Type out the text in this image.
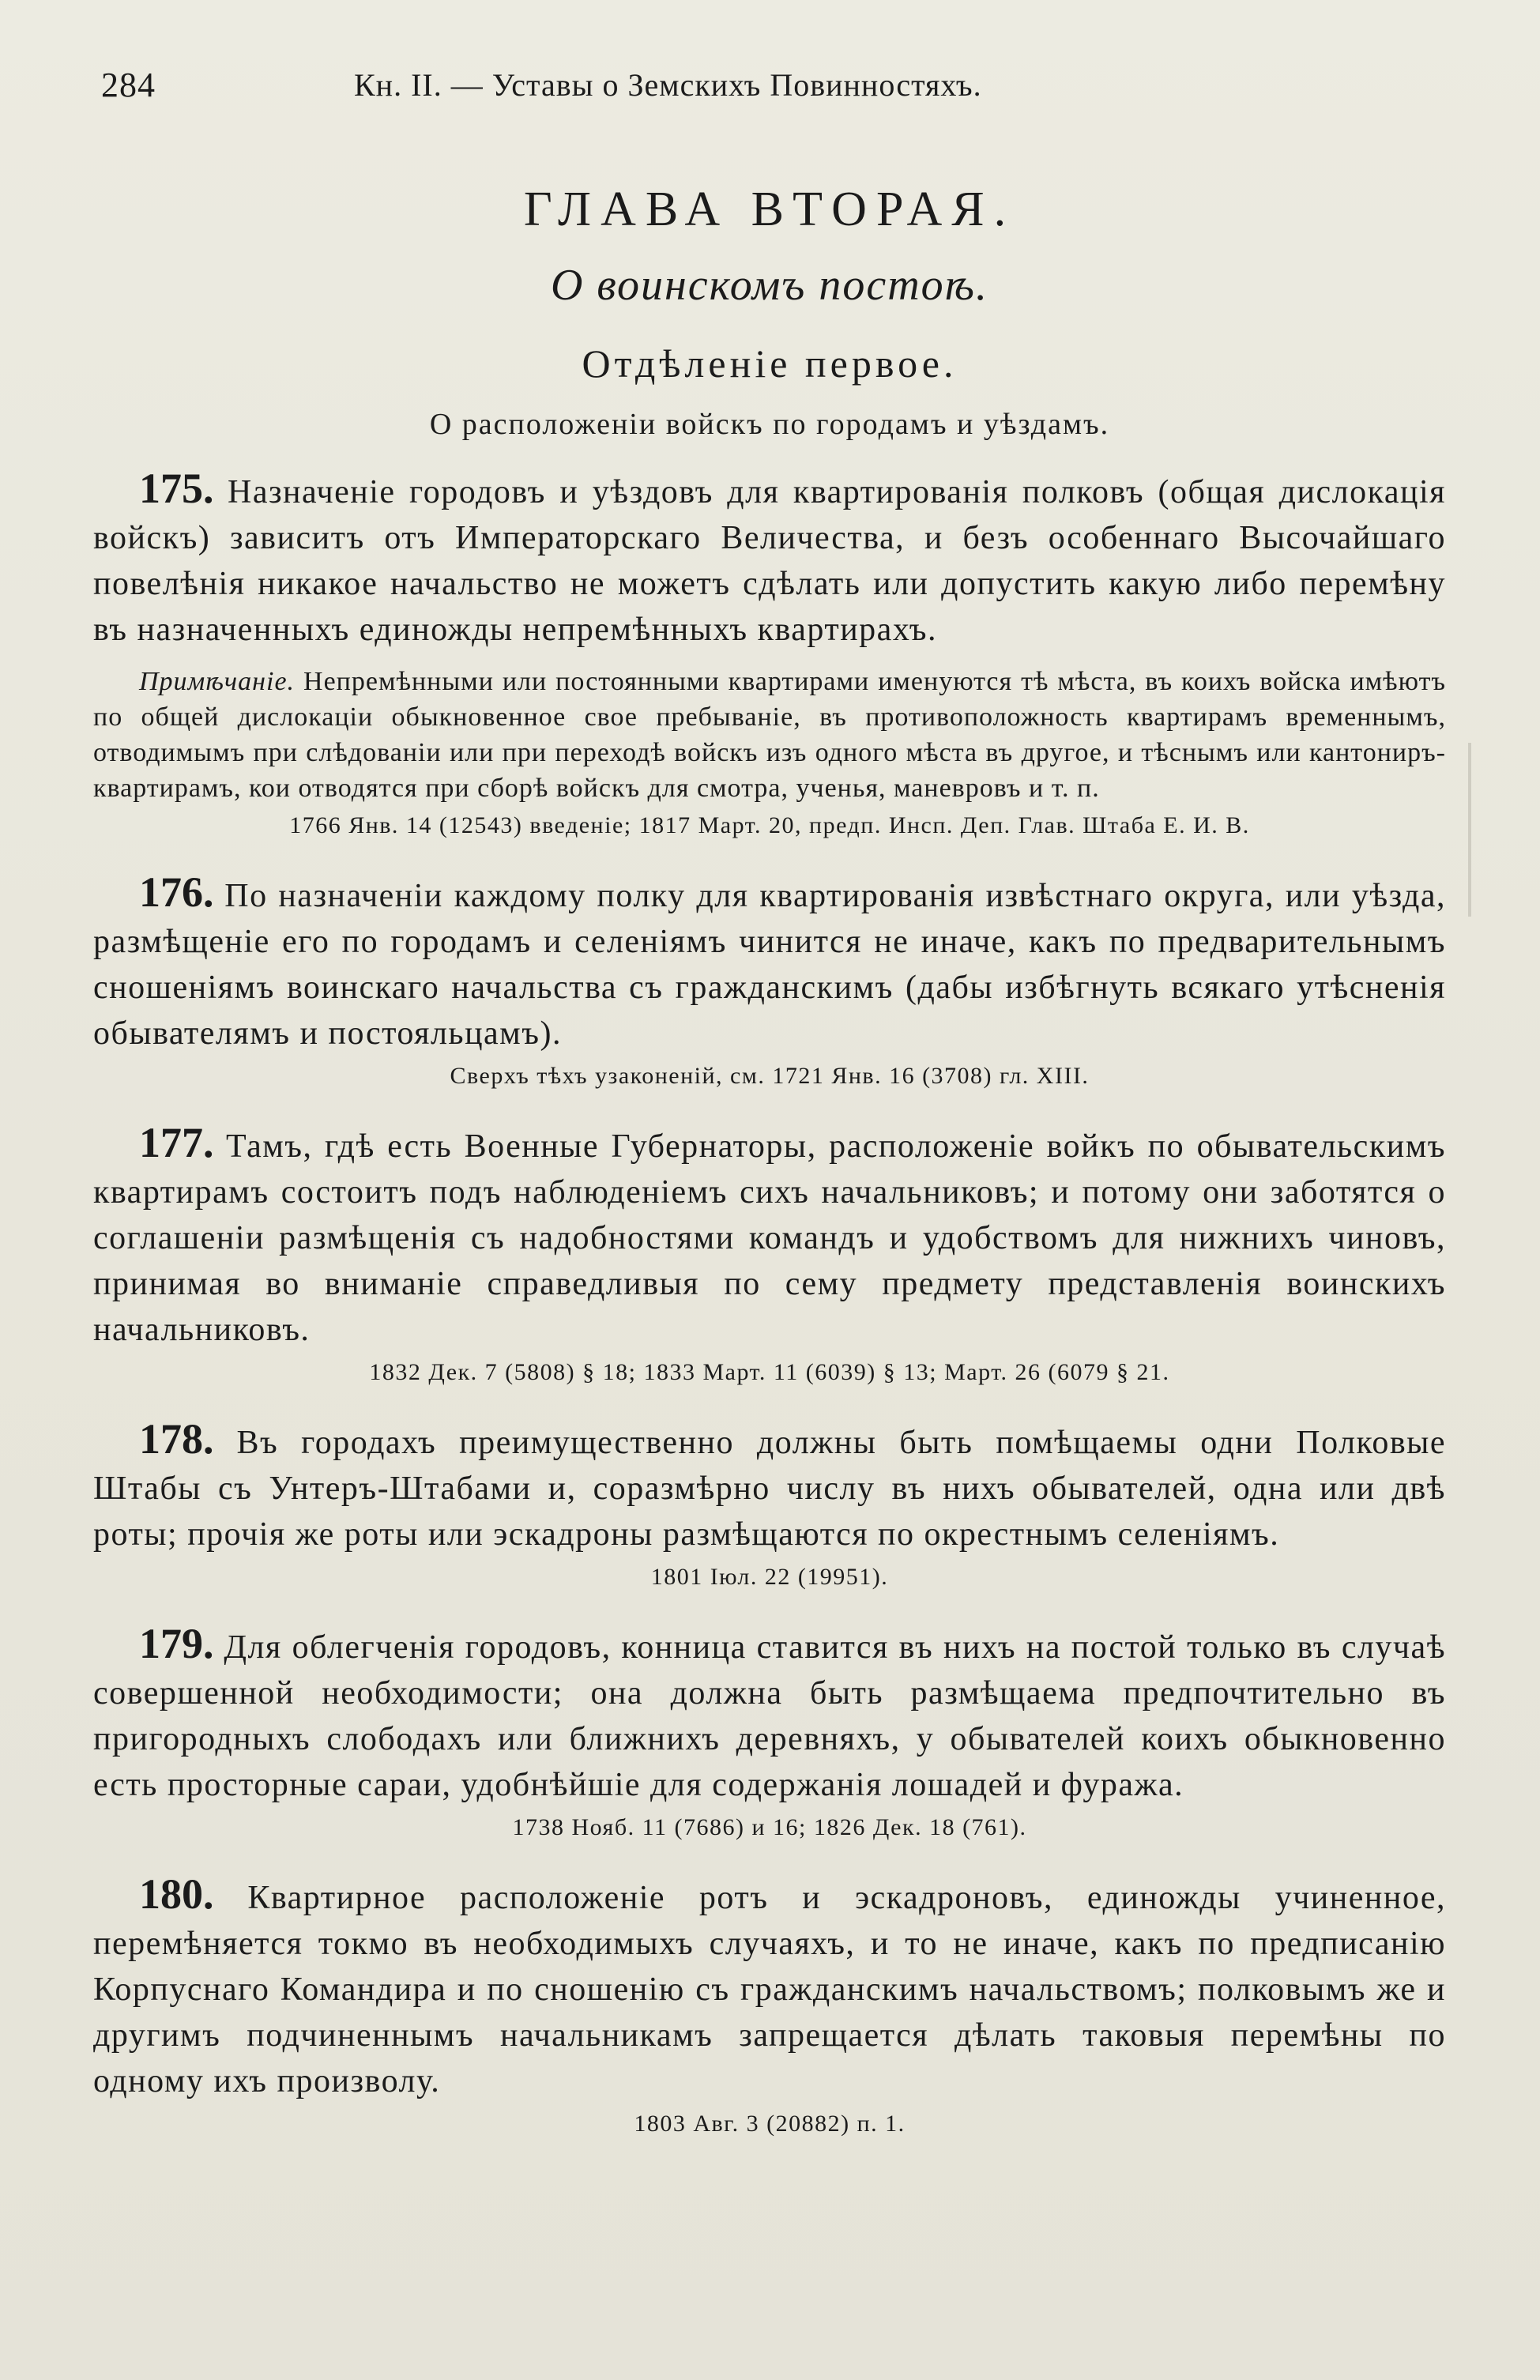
284	Кн. II. — Уставы о Земскихъ Повинностяхъ.
ГЛАВА ВТОРАЯ.
О воинскомъ постоѣ.
Отдѣленіе первое.
О расположеніи войскъ по городамъ и уѣздамъ.

175. Назначеніе городовъ и уѣздовъ для квартированія полковъ (общая дислокація войскъ) зависитъ отъ Императорскаго Величества, и безъ особеннаго Высочайшаго повелѣнія никакое начальство не можетъ сдѣлать или допустить какую либо перемѣну въ назначенныхъ единожды непремѣнныхъ квартирахъ.

Примѣчаніе. Непремѣнными или постоянными квартирами именуются тѣ мѣста, въ коихъ войска имѣютъ по общей дислокаціи обыкновенное свое пребываніе, въ противоположность квартирамъ временнымъ, отводимымъ при слѣдованіи или при переходѣ войскъ изъ одного мѣста въ другое, и тѣснымъ или кантониръ-квартирамъ, кои отводятся при сборѣ войскъ для смотра, ученья, маневровъ и т. п.

1766 Янв. 14 (12543) введеніе; 1817 Март. 20, предп. Инсп. Деп. Глав. Штаба Е. И. В.

176. По назначеніи каждому полку для квартированія извѣстнаго округа, или уѣзда, размѣщеніе его по городамъ и селеніямъ чинится не иначе, какъ по предварительнымъ сношеніямъ воинскаго начальства съ гражданскимъ (дабы избѣгнуть всякаго утѣсненія обывателямъ и постояльцамъ).

Сверхъ тѣхъ узаконеній, см. 1721 Янв. 16 (3708) гл. XIII.

177. Тамъ, гдѣ есть Военные Губернаторы, расположеніе войкъ по обывательскимъ квартирамъ состоитъ подъ наблюденіемъ сихъ начальниковъ; и потому они заботятся о соглашеніи размѣщенія съ надобностями командъ и удобствомъ для нижнихъ чиновъ, принимая во вниманіе справедливыя по сему предмету представленія воинскихъ начальниковъ.

1832 Дек. 7 (5808) § 18; 1833 Март. 11 (6039) § 13; Март. 26 (6079 § 21.

178. Въ городахъ преимущественно должны быть помѣщаемы одни Полковые Штабы съ Унтеръ-Штабами и, соразмѣрно числу въ нихъ обывателей, одна или двѣ роты; прочія же роты или эскадроны размѣщаются по окрестнымъ селеніямъ.

1801 Іюл. 22 (19951).

179. Для облегченія городовъ, конница ставится въ нихъ на постой только въ случаѣ совершенной необходимости; она должна быть размѣщаема предпочтительно въ пригородныхъ слободахъ или ближнихъ деревняхъ, у обывателей коихъ обыкновенно есть просторные сараи, удобнѣйшіе для содержанія лошадей и фуража.

1738 Нояб. 11 (7686) и 16; 1826 Дек. 18 (761).

180. Квартирное расположеніе ротъ и эскадроновъ, единожды учиненное, перемѣняется токмо въ необходимыхъ случаяхъ, и то не иначе, какъ по предписанію Корпуснаго Командира и по сношенію съ гражданскимъ начальствомъ; полковымъ же и другимъ подчиненнымъ начальникамъ запрещается дѣлать таковыя перемѣны по одному ихъ произволу.

1803 Авг. 3 (20882) п. 1.
